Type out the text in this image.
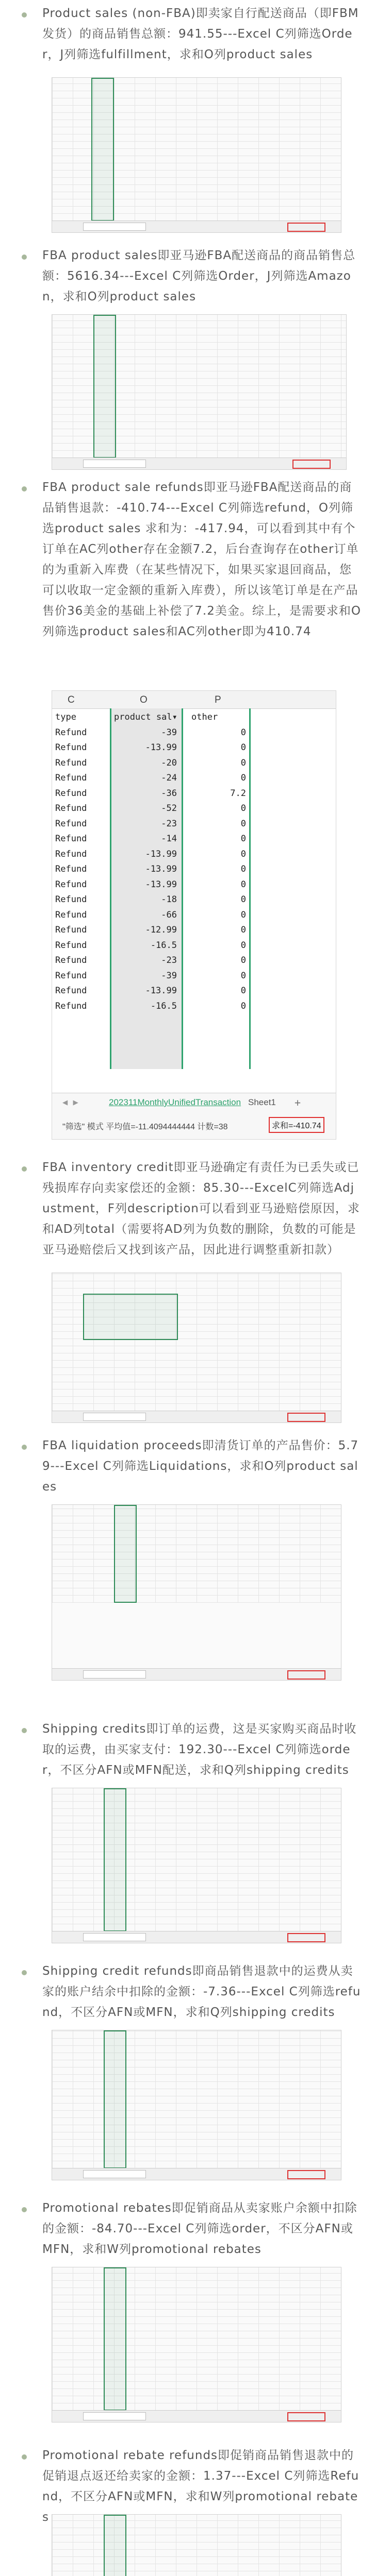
Product sales (non-FBA)即卖家自行配送商品（即FBM发货）的商品销售总额：941.55---Excel C列筛选Order，J列筛选fulfillment，求和O列product sales
FBA product sales即亚马逊FBA配送商品的商品销售总额：5616.34---Excel C列筛选Order，J列筛选Amazon，求和O列product sales
FBA product sale refunds即亚马逊FBA配送商品的商品销售退款：-410.74---Excel C列筛选refund，O列筛选product sales 求和为：-417.94，可以看到其中有个订单在AC列other存在金额7.2，后台查询存在other订单的为重新入库费（在某些情况下，如果买家退回商品，您可以收取一定金额的重新入库费），所以该笔订单是在产品售价36美金的基础上补偿了7.2美金。综上，是需要求和O列筛选product sales和AC列other即为410.74
C	O	P
type	product sal▾ other
Refund	-39	0
Refund	-13.99	0
Refund	-20	0
Refund	-24	0
Refund	-36	7.2
Refund	-52	0
Refund	-23	0
Refund	-14	0
Refund	-13.99	0
Refund	-13.99	0
Refund	-13.99	0
Refund	-18	0
Refund	-66	0
Refund	-12.99	0
Refund	-16.5	0
Refund	-23	0
Refund	-39	0
Refund	-13.99	0
Refund	-16.5	0
◀ ▶	202311MonthlyUnifiedTransaction Sheet1 +
"筛选" 模式 平均值=-11.4094444444 计数=38	求和=-410.74
FBA inventory credit即亚马逊确定有责任为已丢失或已残损库存向卖家偿还的金额：85.30---ExcelC列筛选Adjustment，F列description可以看到亚马逊赔偿原因，求和AD列total（需要将AD列为负数的删除，负数的可能是亚马逊赔偿后又找到该产品，因此进行调整重新扣款）
FBA liquidation proceeds即清货订单的产品售价：5.79---Excel C列筛选Liquidations，求和O列product sales
Shipping credits即订单的运费，这是买家购买商品时收取的运费，由买家支付：192.30---Excel C列筛选order，不区分AFN或MFN配送，求和Q列shipping credits
Shipping credit refunds即商品销售退款中的运费从卖家的账户结余中扣除的金额：-7.36---Excel C列筛选refund，不区分AFN或MFN，求和Q列shipping credits
Promotional rebates即促销商品从卖家账户余额中扣除的金额：-84.70---Excel C列筛选order，不区分AFN或MFN，求和W列promotional rebates
Promotional rebate refunds即促销商品销售退款中的促销退点返还给卖家的金额：1.37---Excel C列筛选Refund，不区分AFN或MFN，求和W列promotional rebates
